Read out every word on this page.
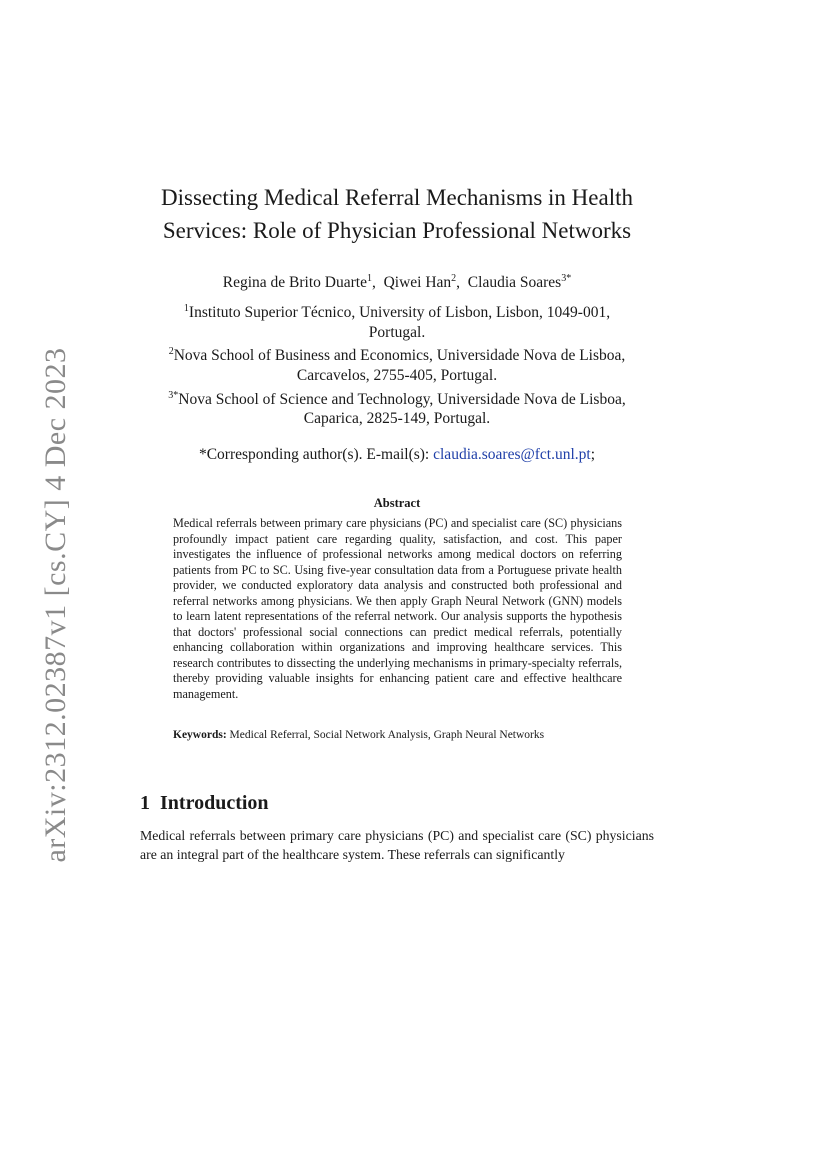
arXiv:2312.02387v1 [cs.CY] 4 Dec 2023
Dissecting Medical Referral Mechanisms in Health
Services: Role of Physician Professional Networks
Regina de Brito Duarte$^1$,  Qiwei Han$^2$,  Claudia Soares$^{3*}$
$^1$Instituto Superior Técnico, University of Lisbon, Lisbon, 1049-001,
Portugal.
$^2$Nova School of Business and Economics, Universidade Nova de Lisboa,
Carcavelos, 2755-405, Portugal.
$^{3*}$Nova School of Science and Technology, Universidade Nova de Lisboa,
Caparica, 2825-149, Portugal.
*Corresponding author(s). E-mail(s): claudia.soares@fct.unl.pt;
Abstract

Medical referrals between primary care physicians (PC) and specialist care (SC) physicians profoundly impact patient care regarding quality, satisfaction, and cost. This paper investigates the influence of professional networks among medical doctors on referring patients from PC to SC. Using five-year consultation data from a Portuguese private health provider, we conducted exploratory data analysis and constructed both professional and referral networks among physicians. We then apply Graph Neural Network (GNN) models to learn latent representations of the referral network. Our analysis supports the hypothesis that doctors' professional social connections can predict medical referrals, potentially enhancing collaboration within organizations and improving healthcare services. This research contributes to dissecting the underlying mechanisms in primary-specialty referrals, thereby providing valuable insights for enhancing patient care and effective healthcare management.

Keywords: Medical Referral, Social Network Analysis, Graph Neural Networks
1 Introduction

Medical referrals between primary care physicians (PC) and specialist care (SC) physicians are an integral part of the healthcare system. These referrals can significantly
